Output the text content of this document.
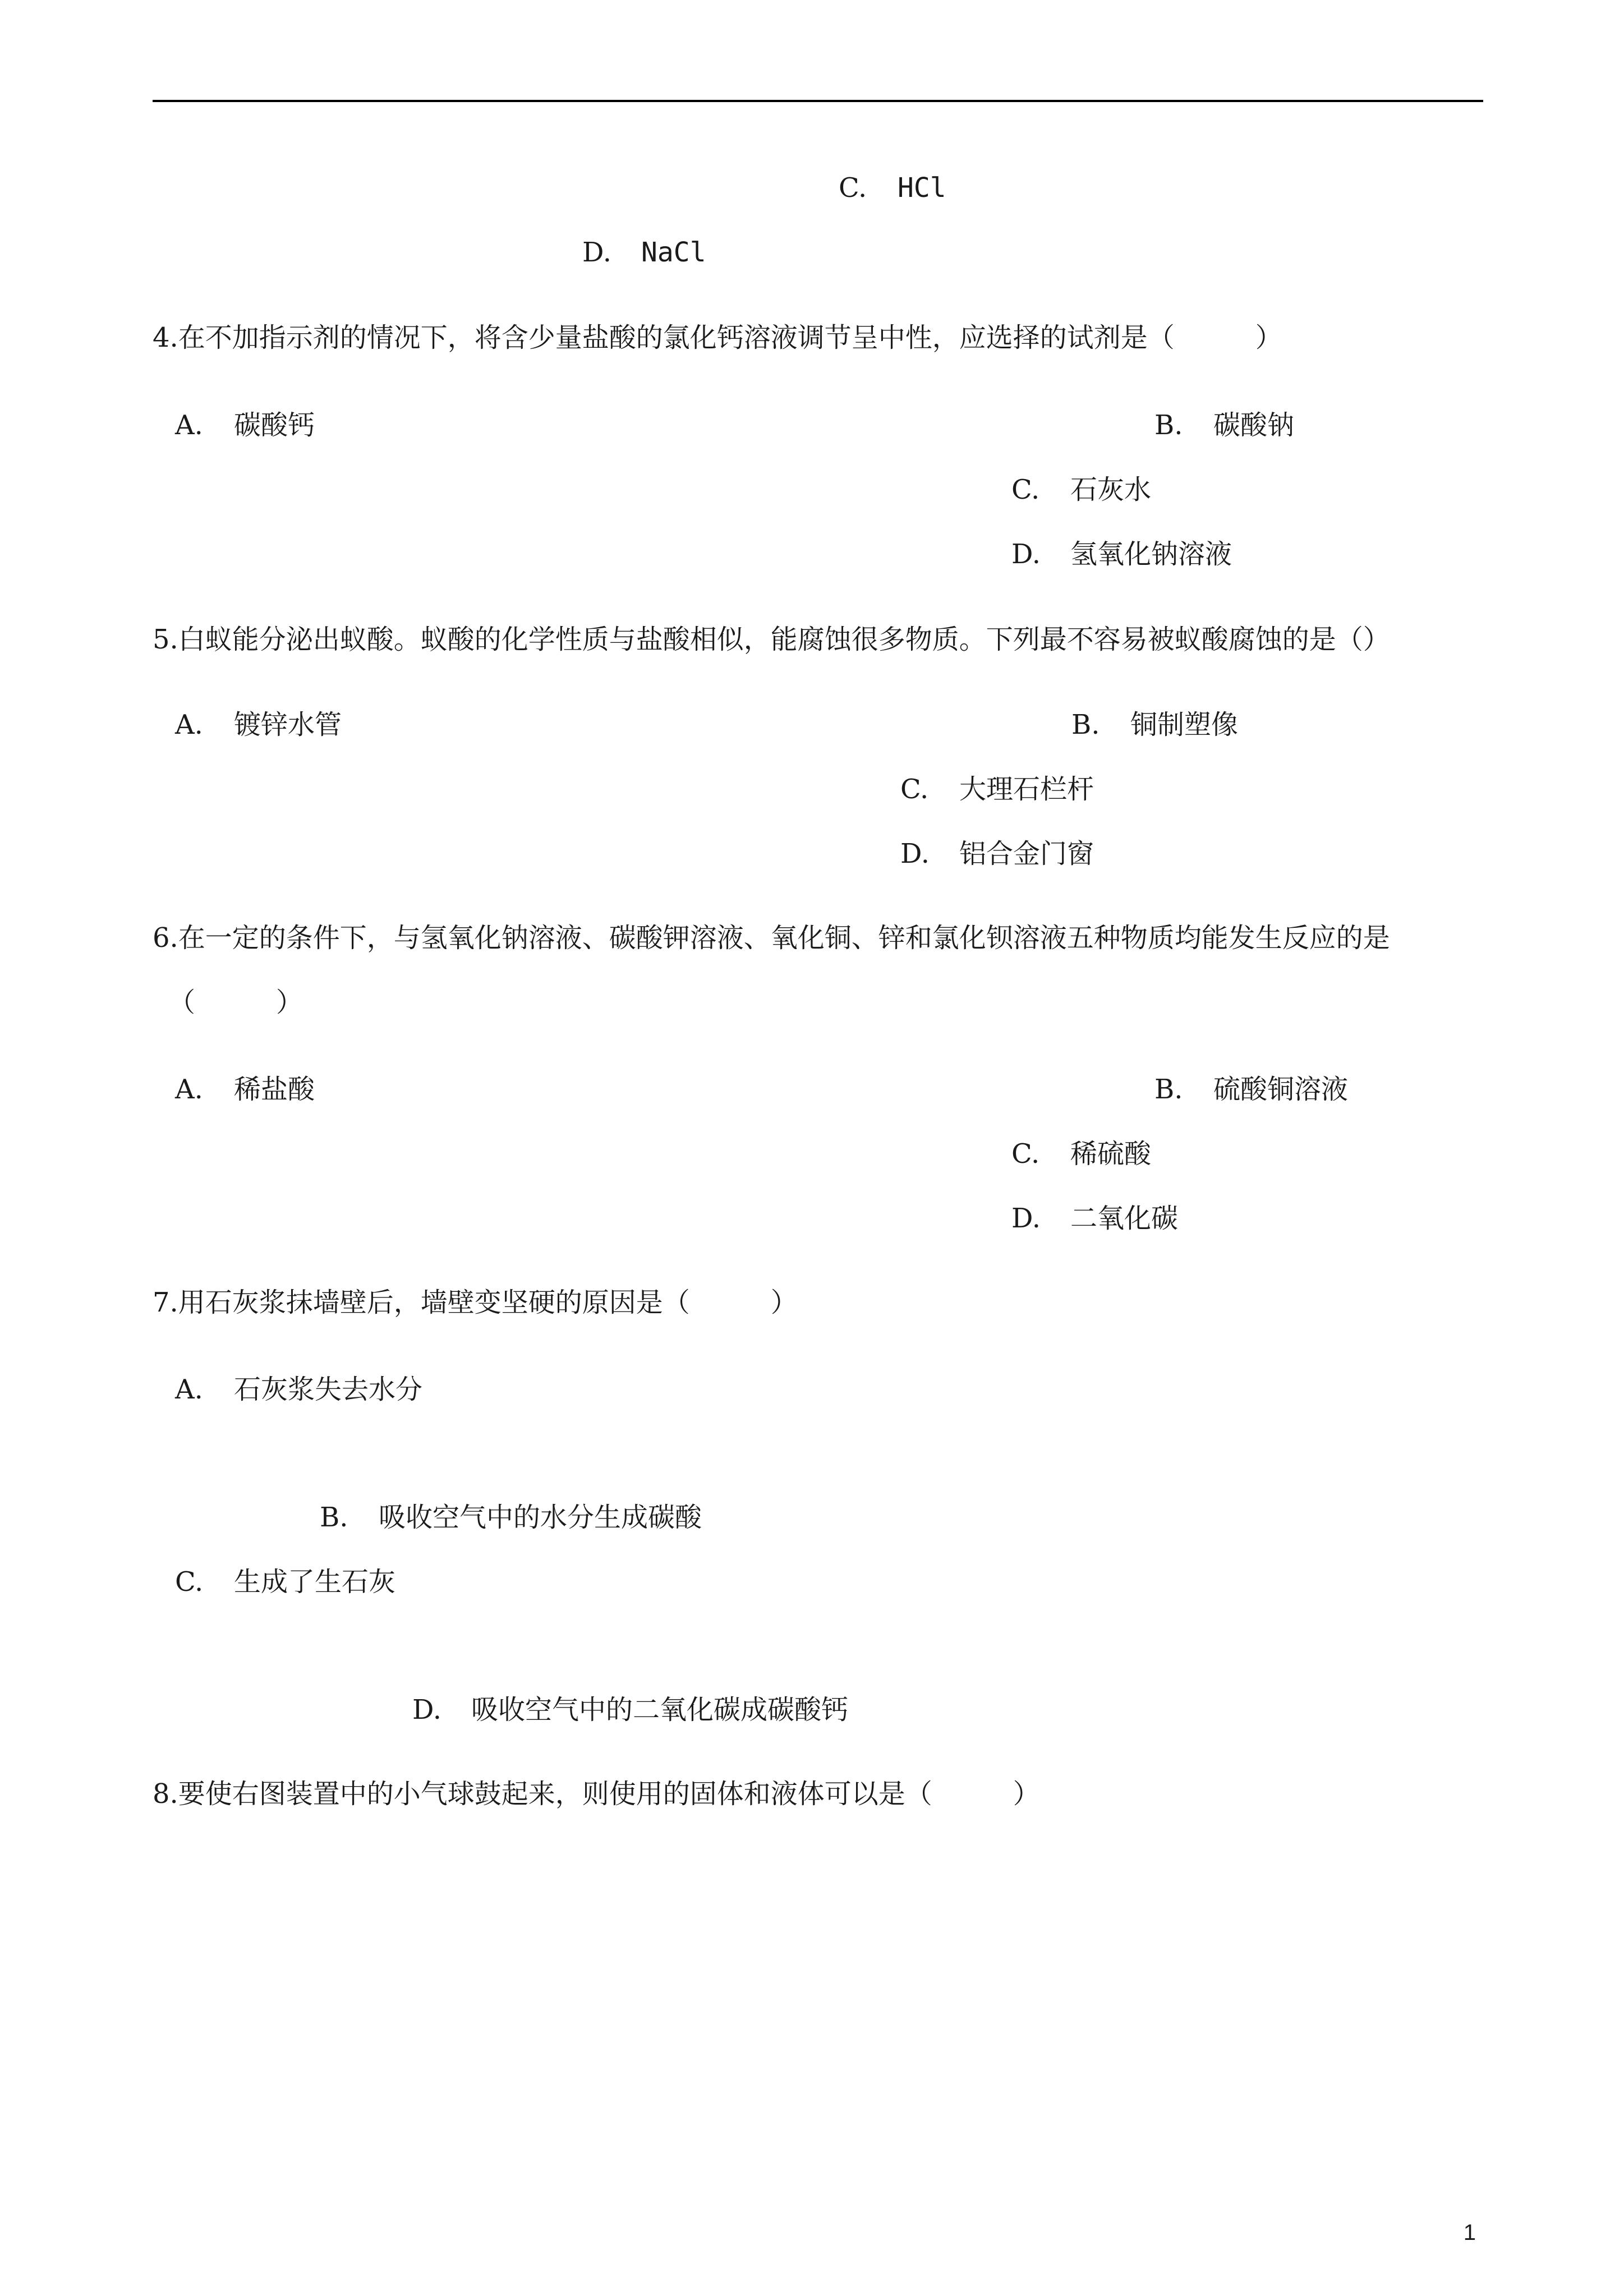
C. HCl
D. NaCl
4.在不加指示剂的情况下，将含少量盐酸的氯化钙溶液调节呈中性，应选择的试剂是（　　　）
A. 碳酸钙	B. 碳酸钠
C. 石灰水
D. 氢氧化钠溶液
5.白蚁能分泌出蚁酸。蚁酸的化学性质与盐酸相似，能腐蚀很多物质。下列最不容易被蚁酸腐蚀的是（）
A. 镀锌水管	B. 铜制塑像
C. 大理石栏杆
D. 铝合金门窗
6.在一定的条件下，与氢氧化钠溶液、碳酸钾溶液、氧化铜、锌和氯化钡溶液五种物质均能发生反应的是
（　　　）
A. 稀盐酸	B. 硫酸铜溶液
C. 稀硫酸
D. 二氧化碳
7.用石灰浆抹墙壁后，墙壁变坚硬的原因是（　　　）
A. 石灰浆失去水分
B. 吸收空气中的水分生成碳酸
C. 生成了生石灰
D. 吸收空气中的二氧化碳成碳酸钙
8.要使右图装置中的小气球鼓起来，则使用的固体和液体可以是（　　　）
1
